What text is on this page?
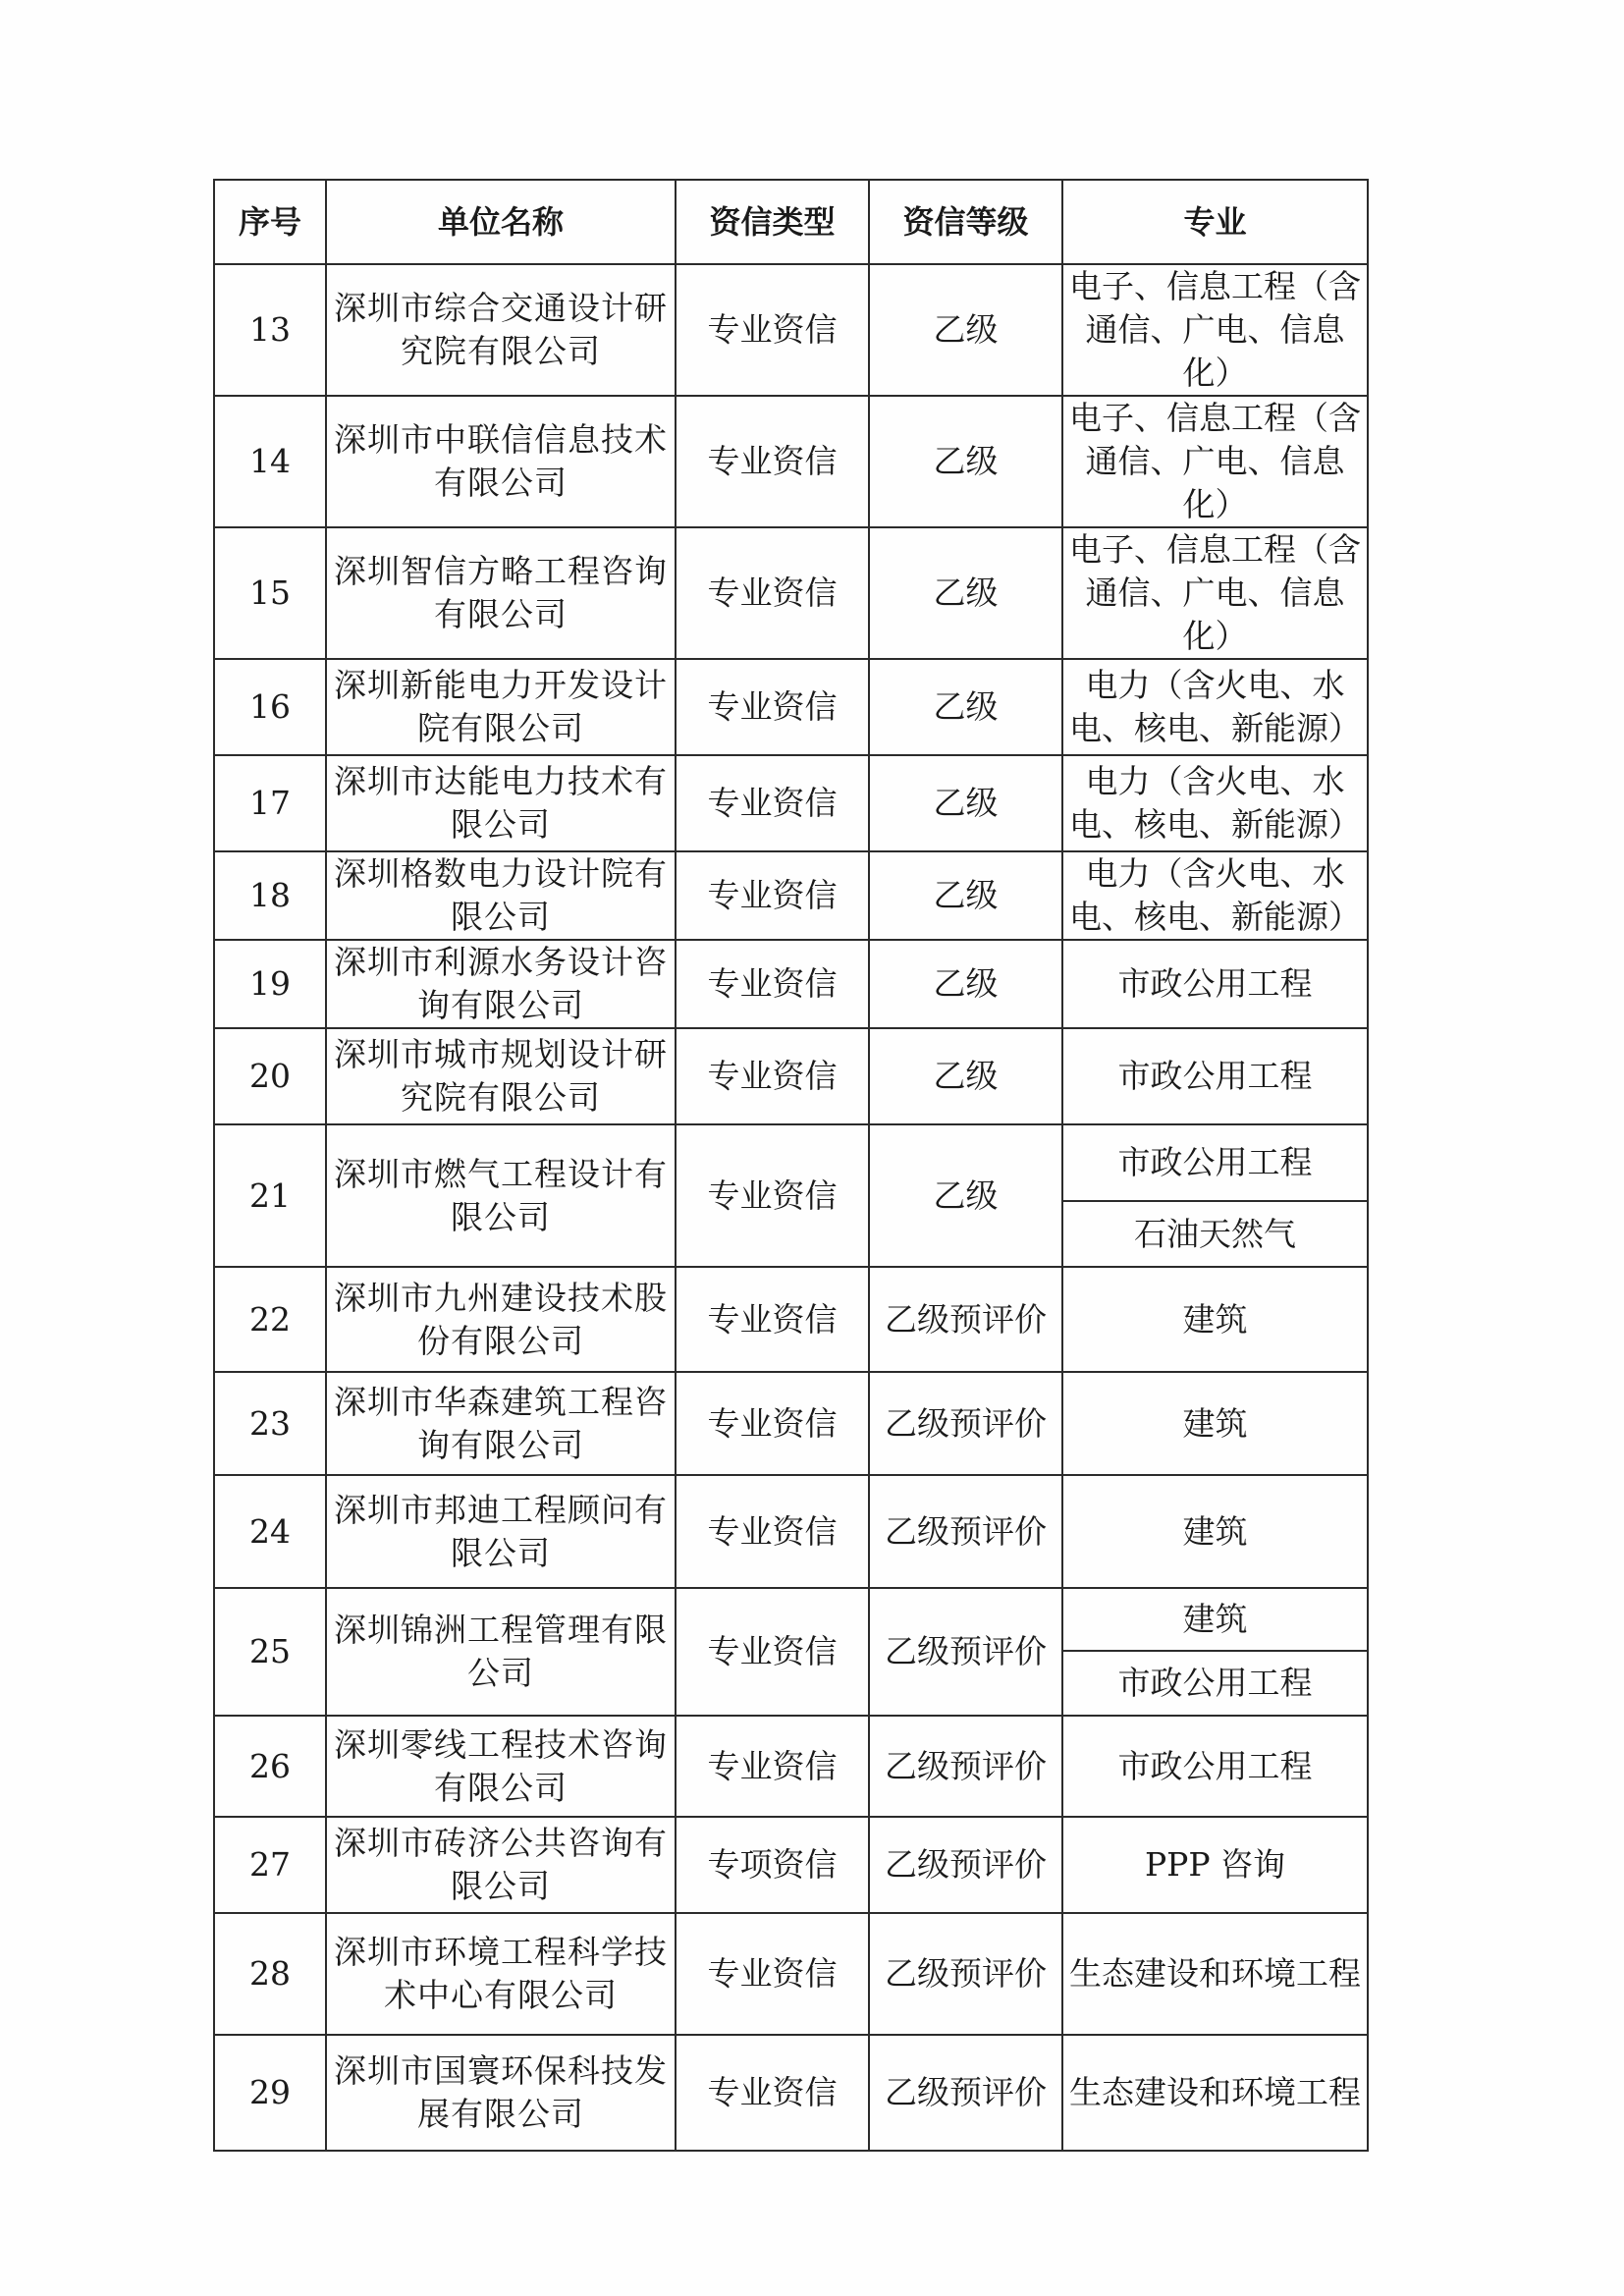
序号	单位名称	资信类型	资信等级	专业
13	深圳市综合交通设计研究院有限公司	专业资信	乙级	电子、信息工程（含通信、广电、信息化）
14	深圳市中联信信息技术有限公司	专业资信	乙级	电子、信息工程（含通信、广电、信息化）
15	深圳智信方略工程咨询有限公司	专业资信	乙级	电子、信息工程（含通信、广电、信息化）
16	深圳新能电力开发设计院有限公司	专业资信	乙级	电力（含火电、水电、核电、新能源）
17	深圳市达能电力技术有限公司	专业资信	乙级	电力（含火电、水电、核电、新能源）
18	深圳格数电力设计院有限公司	专业资信	乙级	电力（含火电、水电、核电、新能源）
19	深圳市利源水务设计咨询有限公司	专业资信	乙级	市政公用工程
20	深圳市城市规划设计研究院有限公司	专业资信	乙级	市政公用工程
21	深圳市燃气工程设计有限公司	专业资信	乙级	市政公用工程
				石油天然气
22	深圳市九州建设技术股份有限公司	专业资信	乙级预评价	建筑
23	深圳市华森建筑工程咨询有限公司	专业资信	乙级预评价	建筑
24	深圳市邦迪工程顾问有限公司	专业资信	乙级预评价	建筑
25	深圳锦洲工程管理有限公司	专业资信	乙级预评价	建筑
				市政公用工程
26	深圳零线工程技术咨询有限公司	专业资信	乙级预评价	市政公用工程
27	深圳市砖济公共咨询有限公司	专项资信	乙级预评价	PPP 咨询
28	深圳市环境工程科学技术中心有限公司	专业资信	乙级预评价	生态建设和环境工程
29	深圳市国寰环保科技发展有限公司	专业资信	乙级预评价	生态建设和环境工程
